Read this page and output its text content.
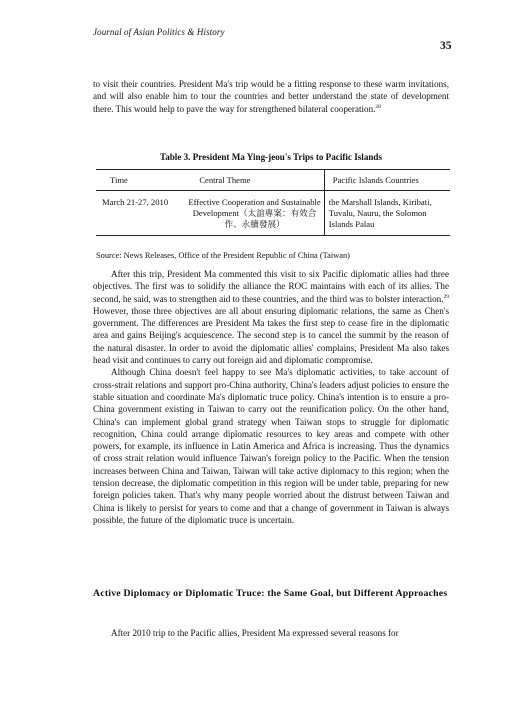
Journal of Asian Politics & History
35
to visit their countries. President Ma's trip would be a fitting response to these warm invitations, and will also enable him to tour the countries and better understand the state of development there. This would help to pave the way for strengthened bilateral cooperation.$^{28}$
Table 3. President Ma Ying-jeou's Trips to Pacific Islands
Time	Central Theme	Pacific Islands Countries
March 21-27, 2010	Effective Cooperation and Sustainable Development（太誼專案：有效合作、永續發展）	the Marshall Islands, Kiribati, Tuvalu, Nauru, the Solomon Islands Palau
Source: News Releases, Office of the President Republic of China (Taiwan)
After this trip, President Ma commented this visit to six Pacific diplomatic allies had three objectives. The first was to solidify the alliance the ROC maintains with each of its allies. The second, he said, was to strengthen aid to these countries, and the third was to bolster interaction.$^{29}$ However, those three objectives are all about ensuring diplomatic relations, the same as Chen's government. The differences are President Ma takes the first step to cease fire in the diplomatic area and gains Beijing's acquiescence. The second step is to cancel the summit by the reason of the natural disaster. In order to avoid the diplomatic allies' complains, President Ma also takes head visit and continues to carry out foreign aid and diplomatic compromise.
Although China doesn't feel happy to see Ma's diplomatic activities, to take account of cross-strait relations and support pro-China authority, China's leaders adjust policies to ensure the stable situation and coordinate Ma's diplomatic truce policy. China's intention is to ensure a pro-China government existing in Taiwan to carry out the reunification policy. On the other hand, China's can implement global grand strategy when Taiwan stops to struggle for diplomatic recognition, China could arrange diplomatic resources to key areas and compete with other powers, for example, its influence in Latin America and Africa is increasing. Thus the dynamics of cross strait relation would influence Taiwan's foreign policy to the Pacific. When the tension increases between China and Taiwan, Taiwan will take active diplomacy to this region; when the tension decrease, the diplomatic competition in this region will be under table, preparing for new foreign policies taken. That's why many people worried about the distrust between Taiwan and China is likely to persist for years to come and that a change of government in Taiwan is always possible, the future of the diplomatic truce is uncertain.
Active Diplomacy or Diplomatic Truce: the Same Goal, but Different Approaches
After 2010 trip to the Pacific allies, President Ma expressed several reasons for
